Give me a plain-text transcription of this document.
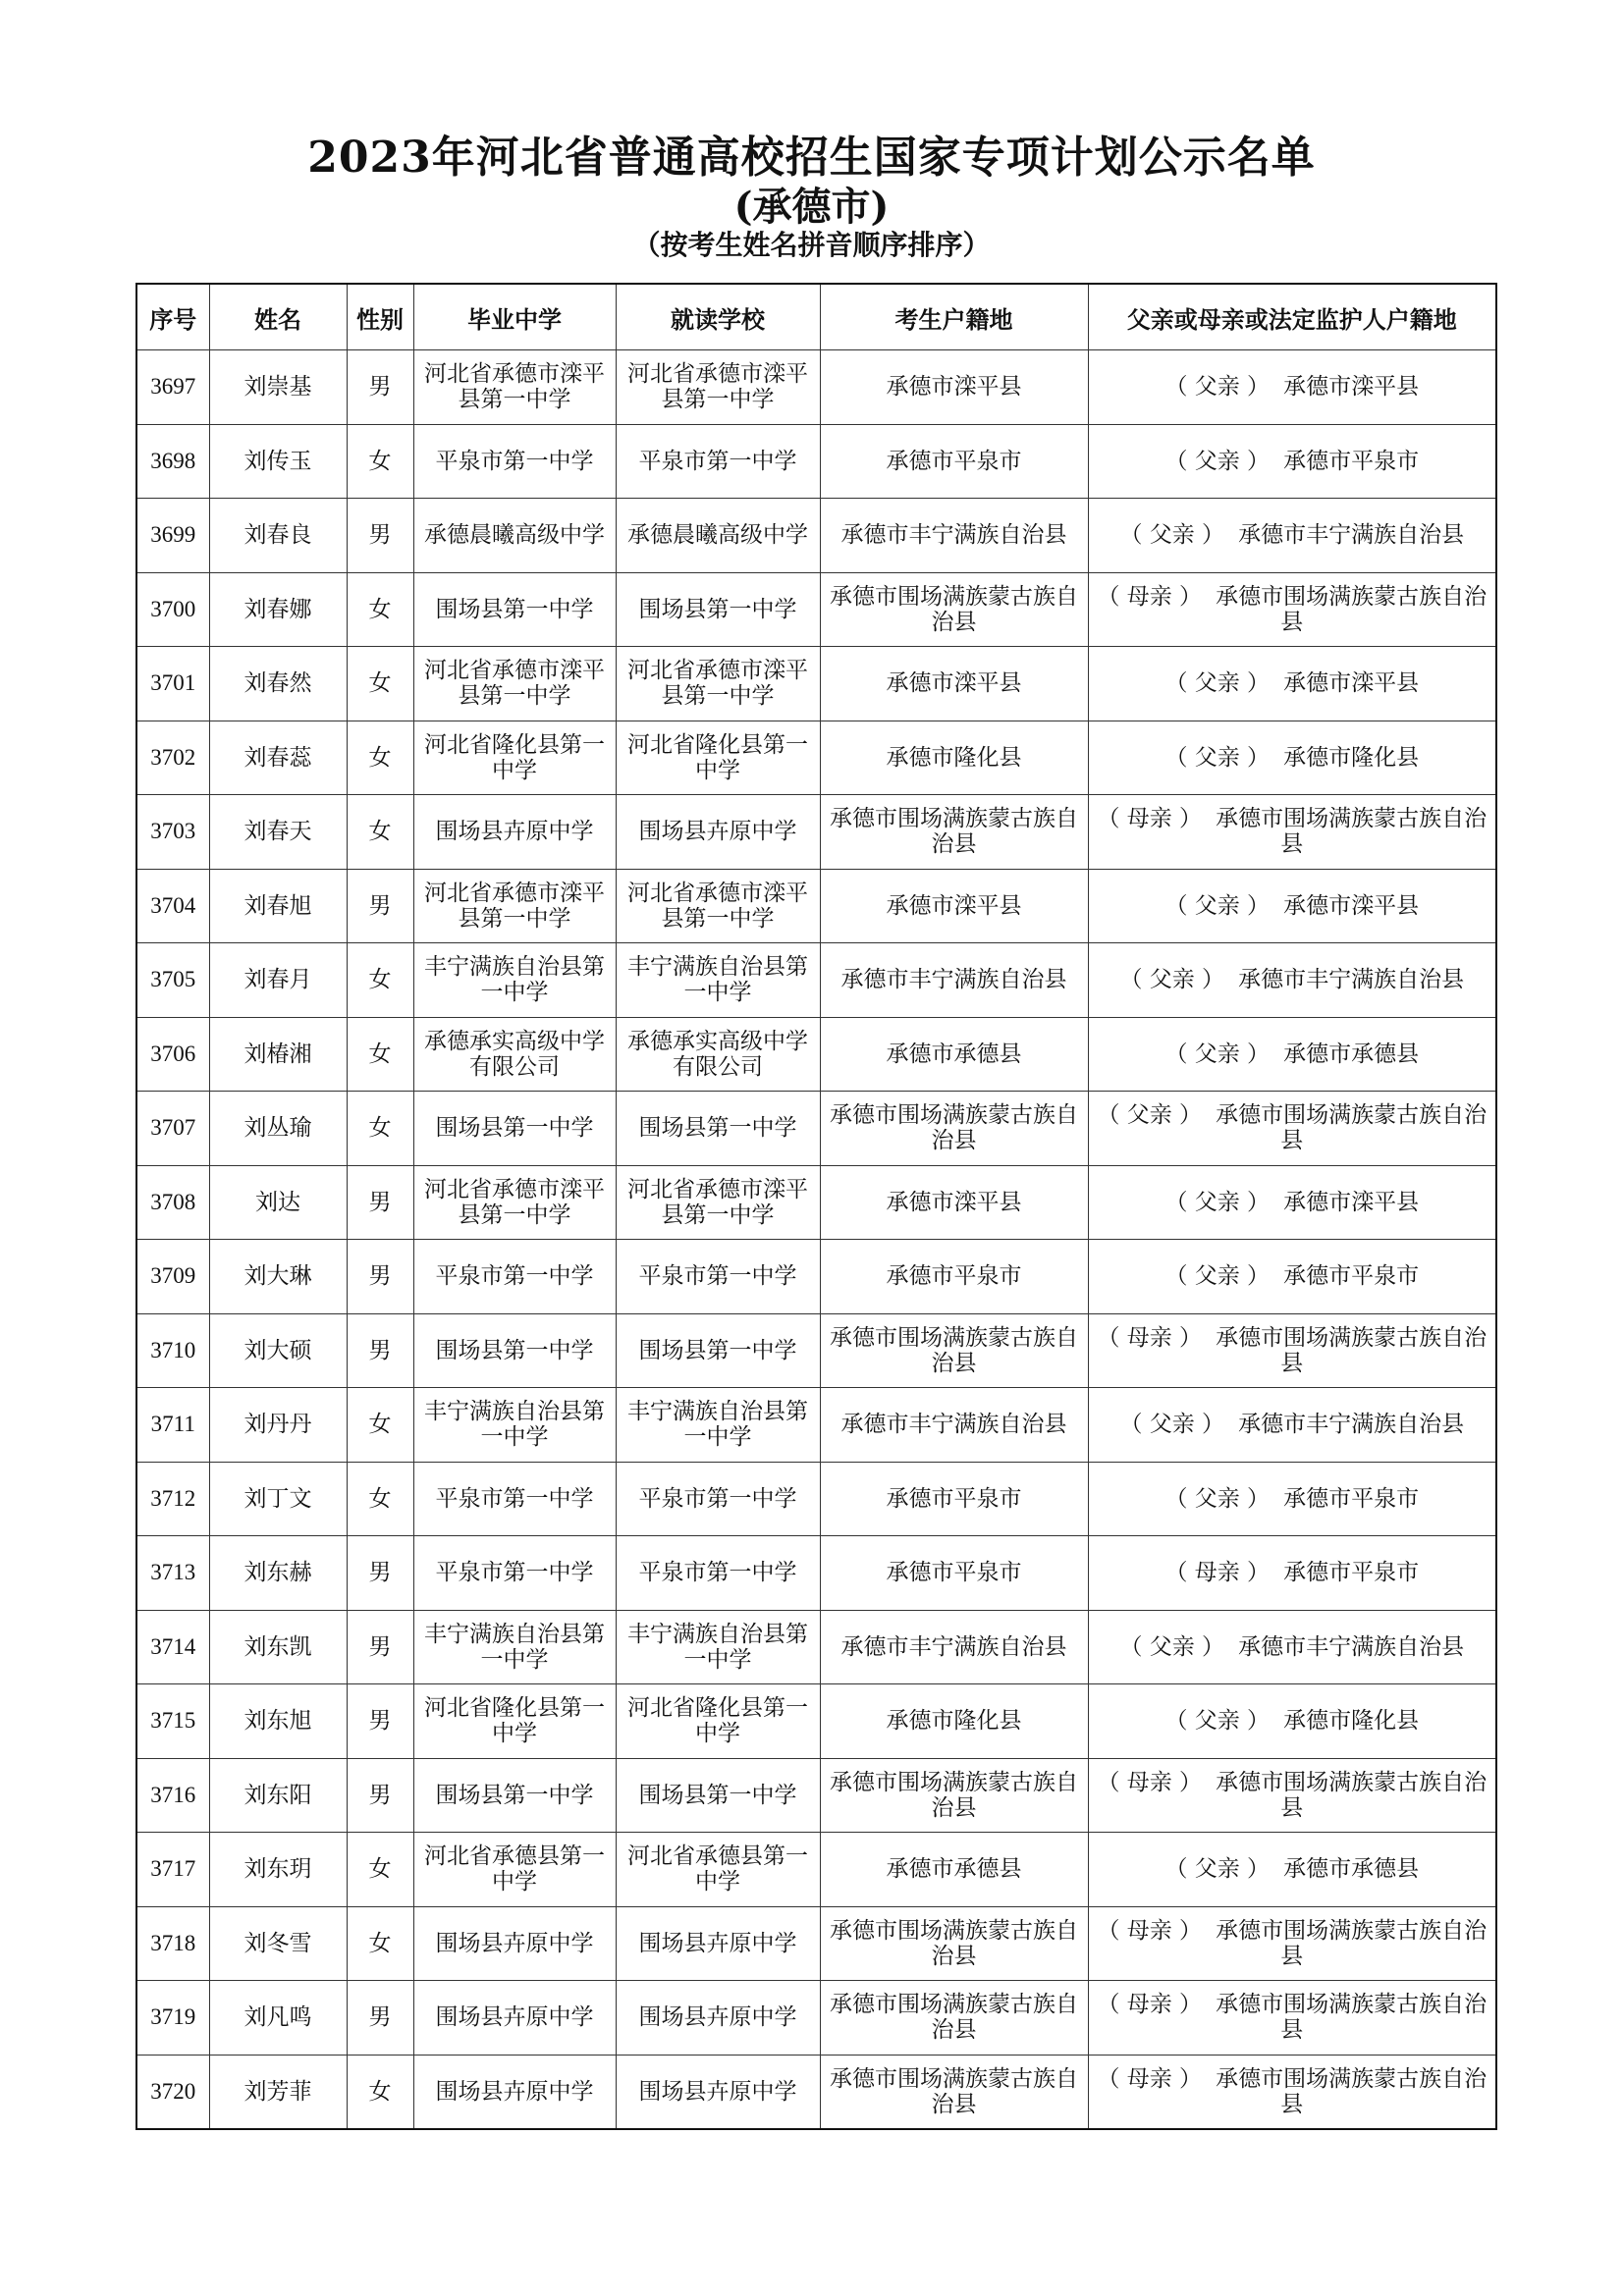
2023年河北省普通高校招生国家专项计划公示名单
(承德市)
（按考生姓名拼音顺序排序）
序号	姓名	性别	毕业中学	就读学校	考生户籍地	父亲或母亲或法定监护人户籍地
3697	刘崇基	男	河北省承德市滦平县第一中学	河北省承德市滦平县第一中学	承德市滦平县	（ 父亲 ） 承德市滦平县
3698	刘传玉	女	平泉市第一中学	平泉市第一中学	承德市平泉市	（ 父亲 ） 承德市平泉市
3699	刘春良	男	承德晨曦高级中学	承德晨曦高级中学	承德市丰宁满族自治县	（ 父亲 ） 承德市丰宁满族自治县
3700	刘春娜	女	围场县第一中学	围场县第一中学	承德市围场满族蒙古族自治县	（ 母亲 ） 承德市围场满族蒙古族自治县
3701	刘春然	女	河北省承德市滦平县第一中学	河北省承德市滦平县第一中学	承德市滦平县	（ 父亲 ） 承德市滦平县
3702	刘春蕊	女	河北省隆化县第一中学	河北省隆化县第一中学	承德市隆化县	（ 父亲 ） 承德市隆化县
3703	刘春天	女	围场县卉原中学	围场县卉原中学	承德市围场满族蒙古族自治县	（ 母亲 ） 承德市围场满族蒙古族自治县
3704	刘春旭	男	河北省承德市滦平县第一中学	河北省承德市滦平县第一中学	承德市滦平县	（ 父亲 ） 承德市滦平县
3705	刘春月	女	丰宁满族自治县第一中学	丰宁满族自治县第一中学	承德市丰宁满族自治县	（ 父亲 ） 承德市丰宁满族自治县
3706	刘椿湘	女	承德承实高级中学有限公司	承德承实高级中学有限公司	承德市承德县	（ 父亲 ） 承德市承德县
3707	刘丛瑜	女	围场县第一中学	围场县第一中学	承德市围场满族蒙古族自治县	（ 父亲 ） 承德市围场满族蒙古族自治县
3708	刘达	男	河北省承德市滦平县第一中学	河北省承德市滦平县第一中学	承德市滦平县	（ 父亲 ） 承德市滦平县
3709	刘大琳	男	平泉市第一中学	平泉市第一中学	承德市平泉市	（ 父亲 ） 承德市平泉市
3710	刘大硕	男	围场县第一中学	围场县第一中学	承德市围场满族蒙古族自治县	（ 母亲 ） 承德市围场满族蒙古族自治县
3711	刘丹丹	女	丰宁满族自治县第一中学	丰宁满族自治县第一中学	承德市丰宁满族自治县	（ 父亲 ） 承德市丰宁满族自治县
3712	刘丁文	女	平泉市第一中学	平泉市第一中学	承德市平泉市	（ 父亲 ） 承德市平泉市
3713	刘东赫	男	平泉市第一中学	平泉市第一中学	承德市平泉市	（ 母亲 ） 承德市平泉市
3714	刘东凯	男	丰宁满族自治县第一中学	丰宁满族自治县第一中学	承德市丰宁满族自治县	（ 父亲 ） 承德市丰宁满族自治县
3715	刘东旭	男	河北省隆化县第一中学	河北省隆化县第一中学	承德市隆化县	（ 父亲 ） 承德市隆化县
3716	刘东阳	男	围场县第一中学	围场县第一中学	承德市围场满族蒙古族自治县	（ 母亲 ） 承德市围场满族蒙古族自治县
3717	刘东玥	女	河北省承德县第一中学	河北省承德县第一中学	承德市承德县	（ 父亲 ） 承德市承德县
3718	刘冬雪	女	围场县卉原中学	围场县卉原中学	承德市围场满族蒙古族自治县	（ 母亲 ） 承德市围场满族蒙古族自治县
3719	刘凡鸣	男	围场县卉原中学	围场县卉原中学	承德市围场满族蒙古族自治县	（ 母亲 ） 承德市围场满族蒙古族自治县
3720	刘芳菲	女	围场县卉原中学	围场县卉原中学	承德市围场满族蒙古族自治县	（ 母亲 ） 承德市围场满族蒙古族自治县
